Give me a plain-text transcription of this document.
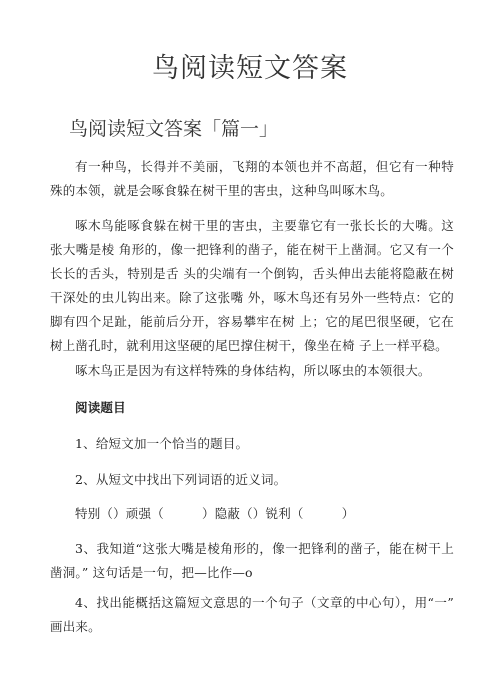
鸟阅读短文答案
鸟阅读短文答案「篇一」

有一种鸟，长得并不美丽，飞翔的本领也并不高超，但它有一种特殊的本领，就是会啄食躲在树干里的害虫，这种鸟叫啄木鸟。

啄木鸟能啄食躲在树干里的害虫，主要靠它有一张长长的大嘴。这张大嘴是棱 角形的，像一把锋利的凿子，能在树干上凿洞。它又有一个长长的舌头，特别是舌 头的尖端有一个倒钩，舌头伸出去能将隐蔽在树干深处的虫儿钩出来。除了这张嘴 外，啄木鸟还有另外一些特点：它的脚有四个足趾，能前后分开，容易攀牢在树 上；它的尾巴很坚硬，它在树上凿孔时，就利用这坚硬的尾巴撑住树干，像坐在椅 子上一样平稳。

啄木鸟正是因为有这样特殊的身体结构，所以啄虫的本领很大。

阅读题目

1、给短文加一个恰当的题目。

2、从短文中找出下列词语的近义词。

特别（）顽强（　　　）隐蔽（）锐利（　　　）

3、我知道“这张大嘴是棱角形的，像一把锋利的凿子，能在树干上凿洞。” 这句话是一句，把—比作—o

4、找出能概括这篇短文意思的一个句子（文章的中心句），用“一” 画出来。
